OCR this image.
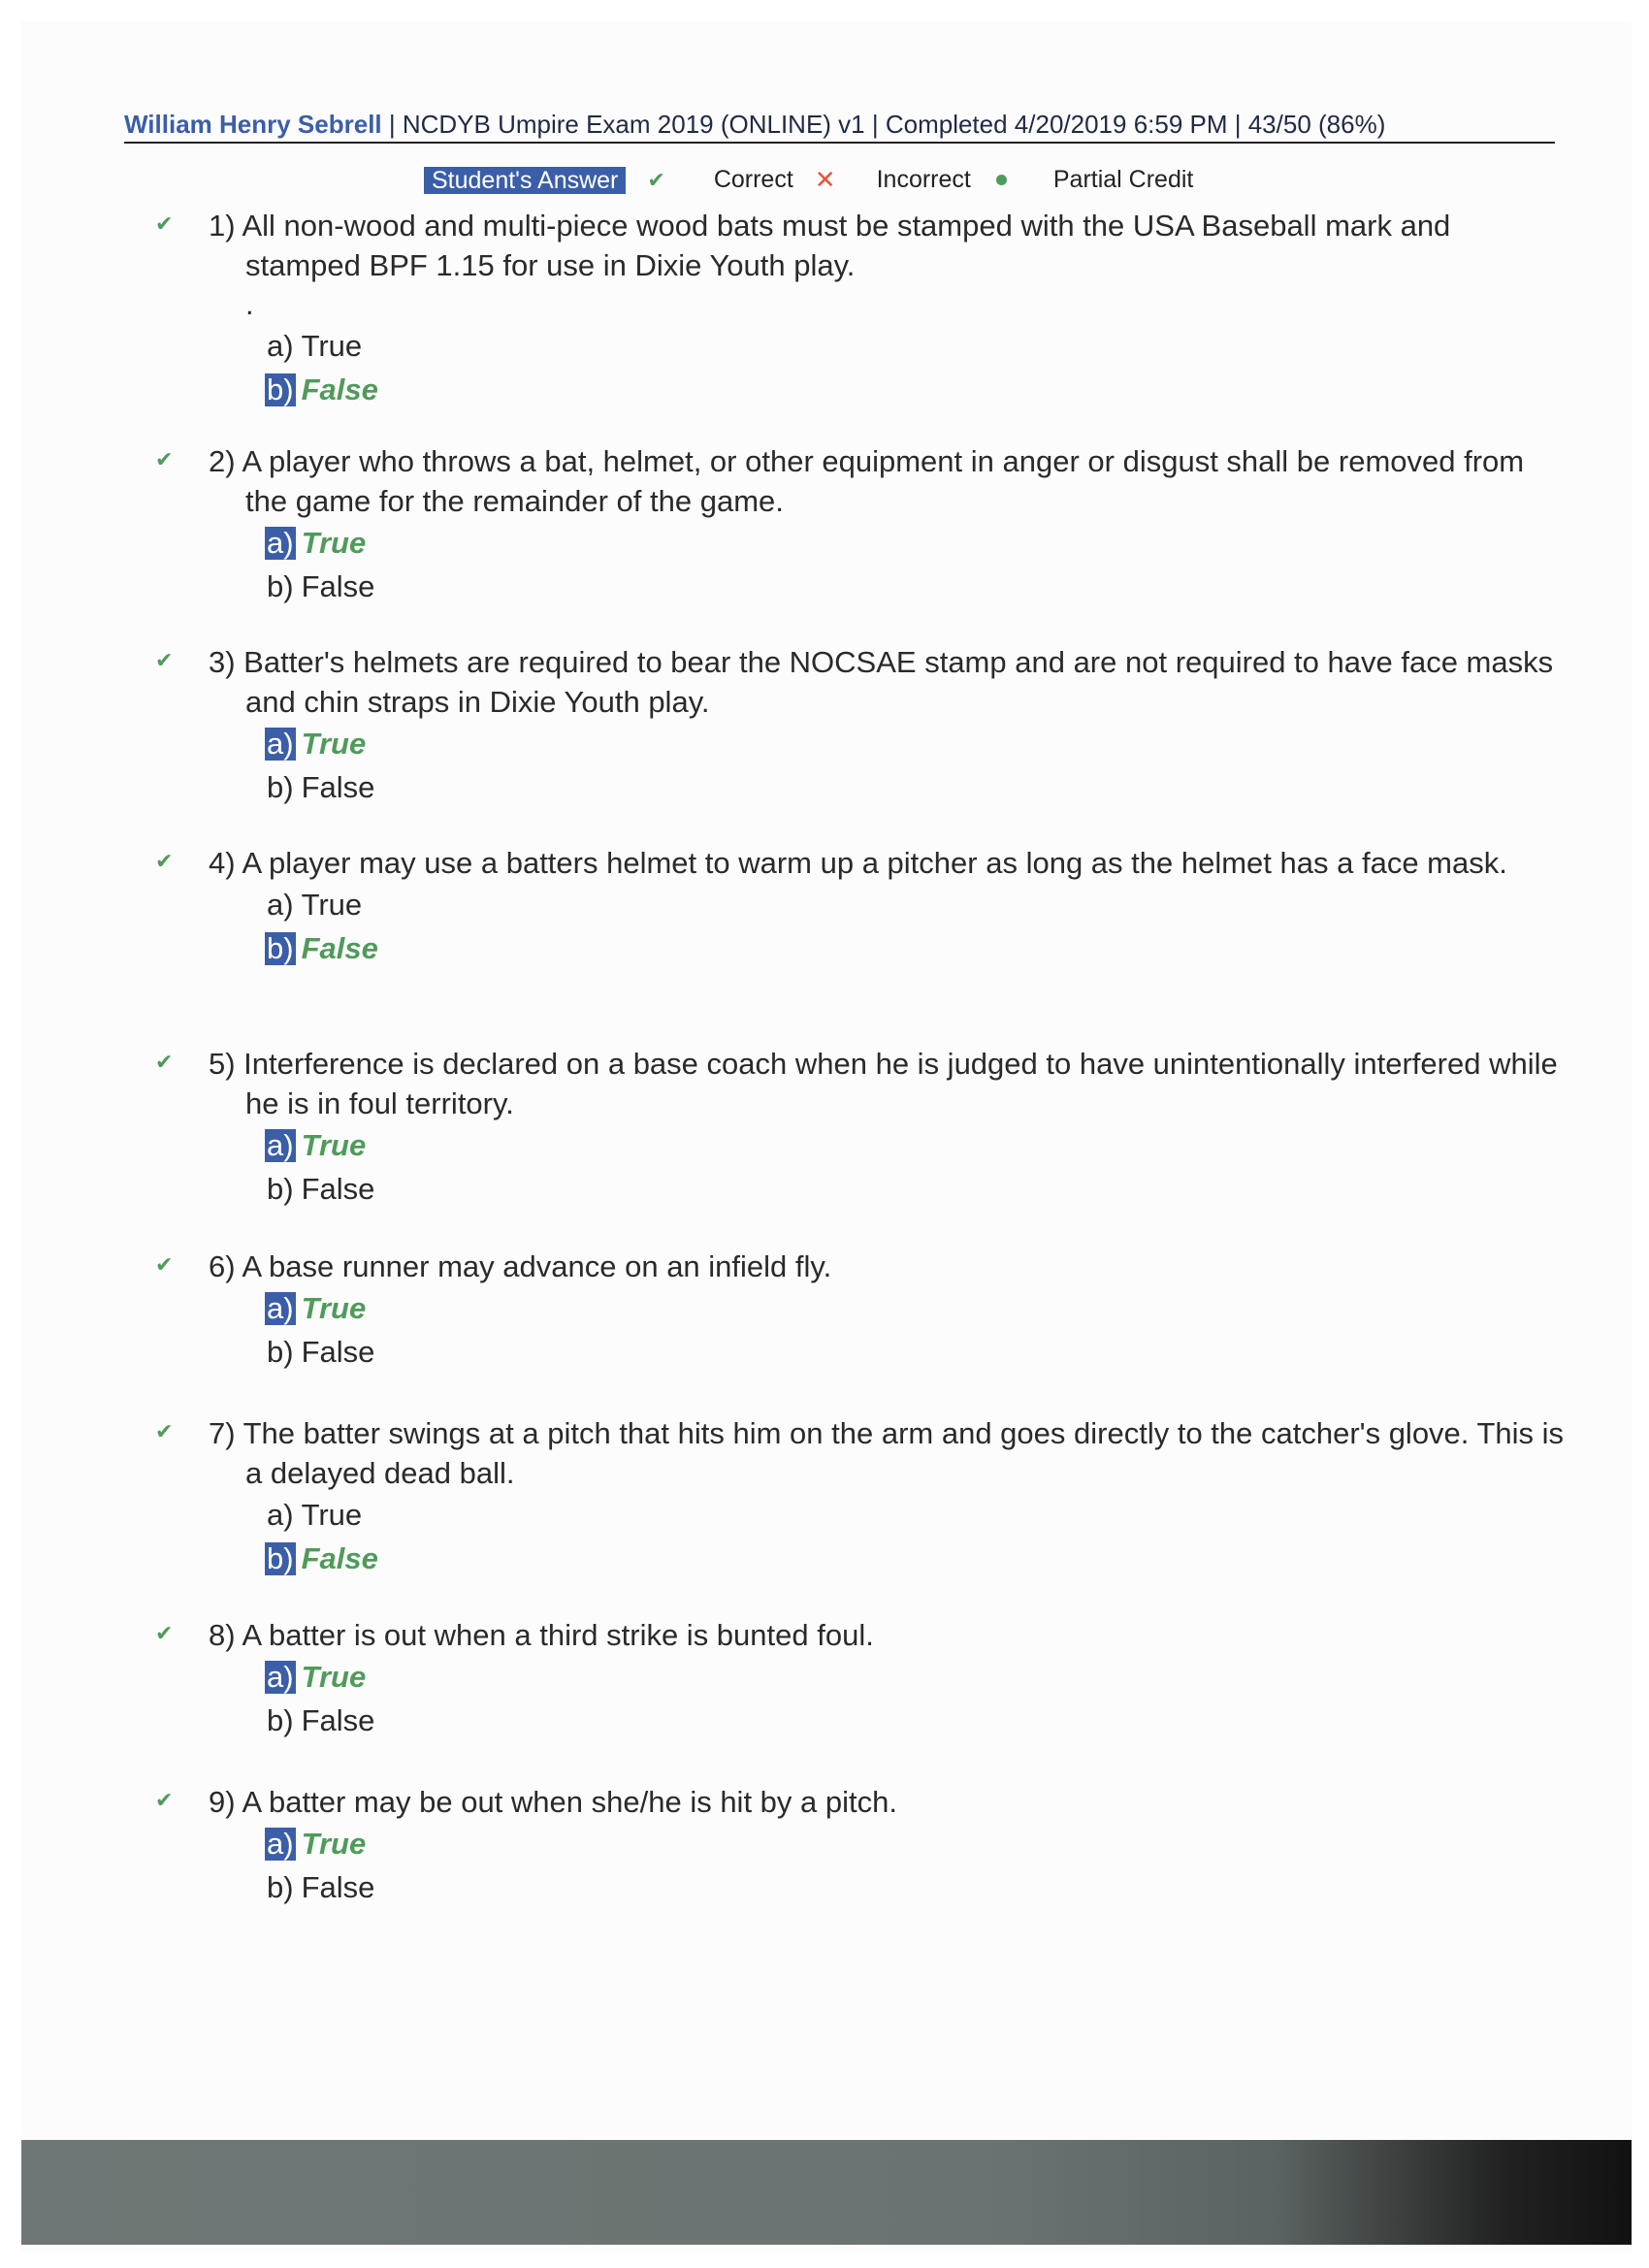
William Henry Sebrell | NCDYB Umpire Exam 2019 (ONLINE) v1 | Completed 4/20/2019 6:59 PM | 43/50 (86%)
Student's Answer	✔ Correct ✕ Incorrect	Partial Credit
✔ 1) All non-wood and multi-piece wood bats must be stamped with the USA Baseball mark and stamped BPF 1.15 for use in Dixie Youth play.
.
a) True
b) False
✔ 2) A player who throws a bat, helmet, or other equipment in anger or disgust shall be removed from the game for the remainder of the game.
a) True
b) False
✔ 3) Batter's helmets are required to bear the NOCSAE stamp and are not required to have face masks and chin straps in Dixie Youth play.
a) True
b) False
✔ 4) A player may use a batters helmet to warm up a pitcher as long as the helmet has a face mask.
a) True
b) False
✔ 5) Interference is declared on a base coach when he is judged to have unintentionally interfered while he is in foul territory.
a) True
b) False
✔ 6) A base runner may advance on an infield fly.
a) True
b) False
✔ 7) The batter swings at a pitch that hits him on the arm and goes directly to the catcher's glove. This is a delayed dead ball.
a) True
b) False
✔ 8) A batter is out when a third strike is bunted foul.
a) True
b) False
✔ 9) A batter may be out when she/he is hit by a pitch.
a) True
b) False
